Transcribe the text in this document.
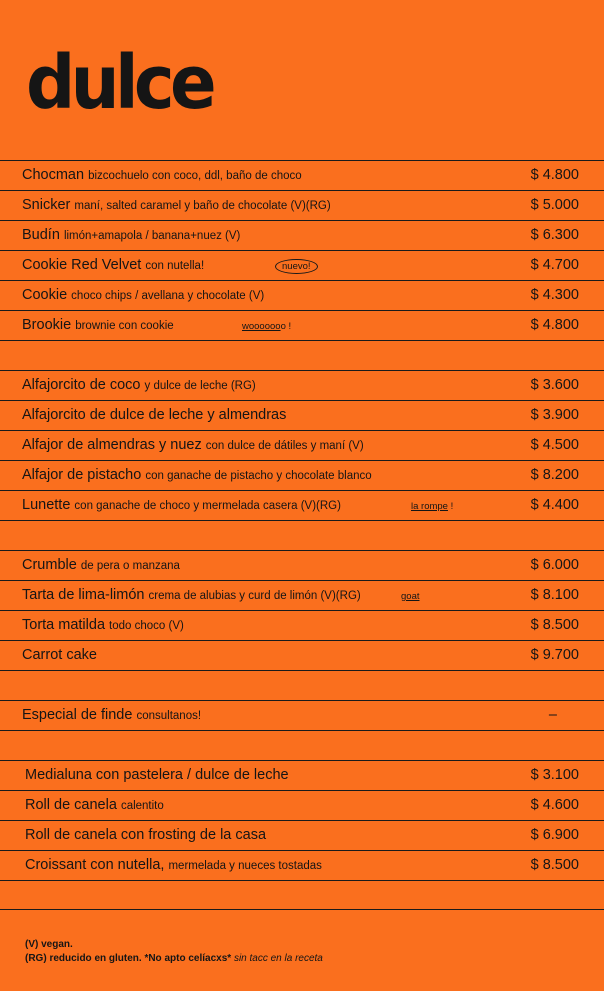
dulce
Chocman bizcochuelo con coco, ddl, baño de choco	$ 4.800
Snicker maní, salted caramel y baño de chocolate (V)(RG)	$ 5.000
Budín limón+amapola / banana+nuez (V)	$ 6.300
Cookie Red Velvet con nutella!	nuevo!	$ 4.700
Cookie choco chips / avellana y chocolate (V)	$ 4.300
Brookie brownie con cookie	wooooooo !	$ 4.800
Alfajorcito de coco y dulce de leche (RG)	$ 3.600
Alfajorcito de dulce de leche y almendras	$ 3.900
Alfajor de almendras y nuez con dulce de dátiles y maní (V)	$ 4.500
Alfajor de pistacho con ganache de pistacho y chocolate blanco	$ 8.200
Lunette con ganache de choco y mermelada casera (V)(RG)	la rompe !	$ 4.400
Crumble de pera o manzana	$ 6.000
Tarta de lima-limón crema de alubias y curd de limón (V)(RG)	goat	$ 8.100
Torta matilda todo choco (V)	$ 8.500
Carrot cake	$ 9.700
Especial de finde consultanos!	–
Medialuna con pastelera / dulce de leche	$ 3.100
Roll de canela calentito	$ 4.600
Roll de canela con frosting de la casa	$ 6.900
Croissant con nutella, mermelada y nueces tostadas	$ 8.500
(V) vegan.
(RG) reducido en gluten. *No apto celíacxs* sin tacc en la receta
